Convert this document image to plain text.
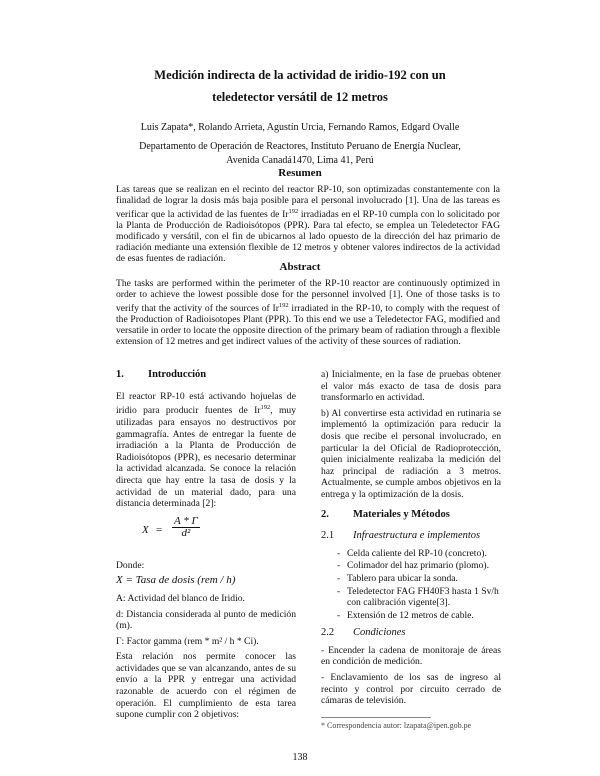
Medición indirecta de la actividad de iridio-192 con un
teledetector versátil de 12 metros
Luis Zapata*, Rolando Arrieta, Agustín Urcia, Fernando Ramos, Edgard Ovalle
Departamento de Operación de Reactores, Instituto Peruano de Energía Nuclear,
Avenida Canadá1470, Lima 41, Perú
Resumen
Las tareas que se realizan en el recinto del reactor RP-10, son optimizadas constantemente con la finalidad de lograr la dosis más baja posible para el personal involucrado [1]. Una de las tareas es verificar que la actividad de las fuentes de Ir$^{192}$ irradiadas en el RP-10 cumpla con lo solicitado por la Planta de Producción de Radioisótopos (PPR). Para tal efecto, se emplea un Teledetector FAG modificado y versátil, con el fin de ubicarnos al lado opuesto de la dirección del haz primario de radiación mediante una extensión flexible de 12 metros y obtener valores indirectos de la actividad de esas fuentes de radiación.
Abstract
The tasks are performed within the perimeter of the RP-10 reactor are continuously optimized in order to achieve the lowest possible dose for the personnel involved [1]. One of those tasks is to verify that the activity of the sources of Ir$^{192}$ irradiated in the RP-10, to comply with the request of the Production of Radioisotopes Plant (PPR). To this end we use a Teledetector FAG, modified and versatile in order to locate the opposite direction of the primary beam of radiation through a flexible extension of 12 metres and get indirect values of the activity of these sources of radiation.
1. Introducción

El reactor RP-10 está activando hojuelas de iridio para producir fuentes de Ir$^{192}$, muy utilizadas para ensayos no destructivos por gammagrafía. Antes de entregar la fuente de irradiación a la Planta de Producción de Radioisótopos (PPR), es necesario determinar la actividad alcanzada. Se conoce la relación directa que hay entre la tasa de dosis y la actividad de un material dado, para una distancia determinada [2]:

$X = \frac{A * \Gamma}{\text{d²}}$

Donde:

X = Tasa de dosis (rem / h)

A: Actividad del blanco de Iridio.

d: Distancia considerada al punto de medición (m).

Γ: Factor gamma (rem * m² / h * Ci).

Esta relación nos permite conocer las actividades que se van alcanzando, antes de su envío a la PPR y entregar una actividad razonable de acuerdo con el régimen de operación. El cumplimiento de esta tarea supone cumplir con 2 objetivos:

a) Inicialmente, en la fase de pruebas obtener el valor más exacto de tasa de dosis para transformarlo en actividad.

b) Al convertirse esta actividad en rutinaria se implementó la optimización para reducir la dosis que recibe el personal involucrado, en particular la del Oficial de Radioprotección, quien inicialmente realizaba la medición del haz principal de radiación a 3 metros. Actualmente, se cumple ambos objetivos en la entrega y la optimización de la dosis.

2. Materiales y Métodos
2.1 Infraestructura e implementos
- Celda caliente del RP-10 (concreto).
- Colimador del haz primario (plomo).
- Tablero para ubicar la sonda.
- Teledetector FAG FH40F3 hasta 1 Sv/h con calibración vigente[3].
- Extensión de 12 metros de cable.
2.2 Condiciones

- Encender la cadena de monitoraje de áreas en condición de medición.

- Enclavamiento de los sas de ingreso al recinto y control por circuito cerrado de cámaras de televisión.

* Correspondencia autor: lzapata@ipen.gob.pe
138
